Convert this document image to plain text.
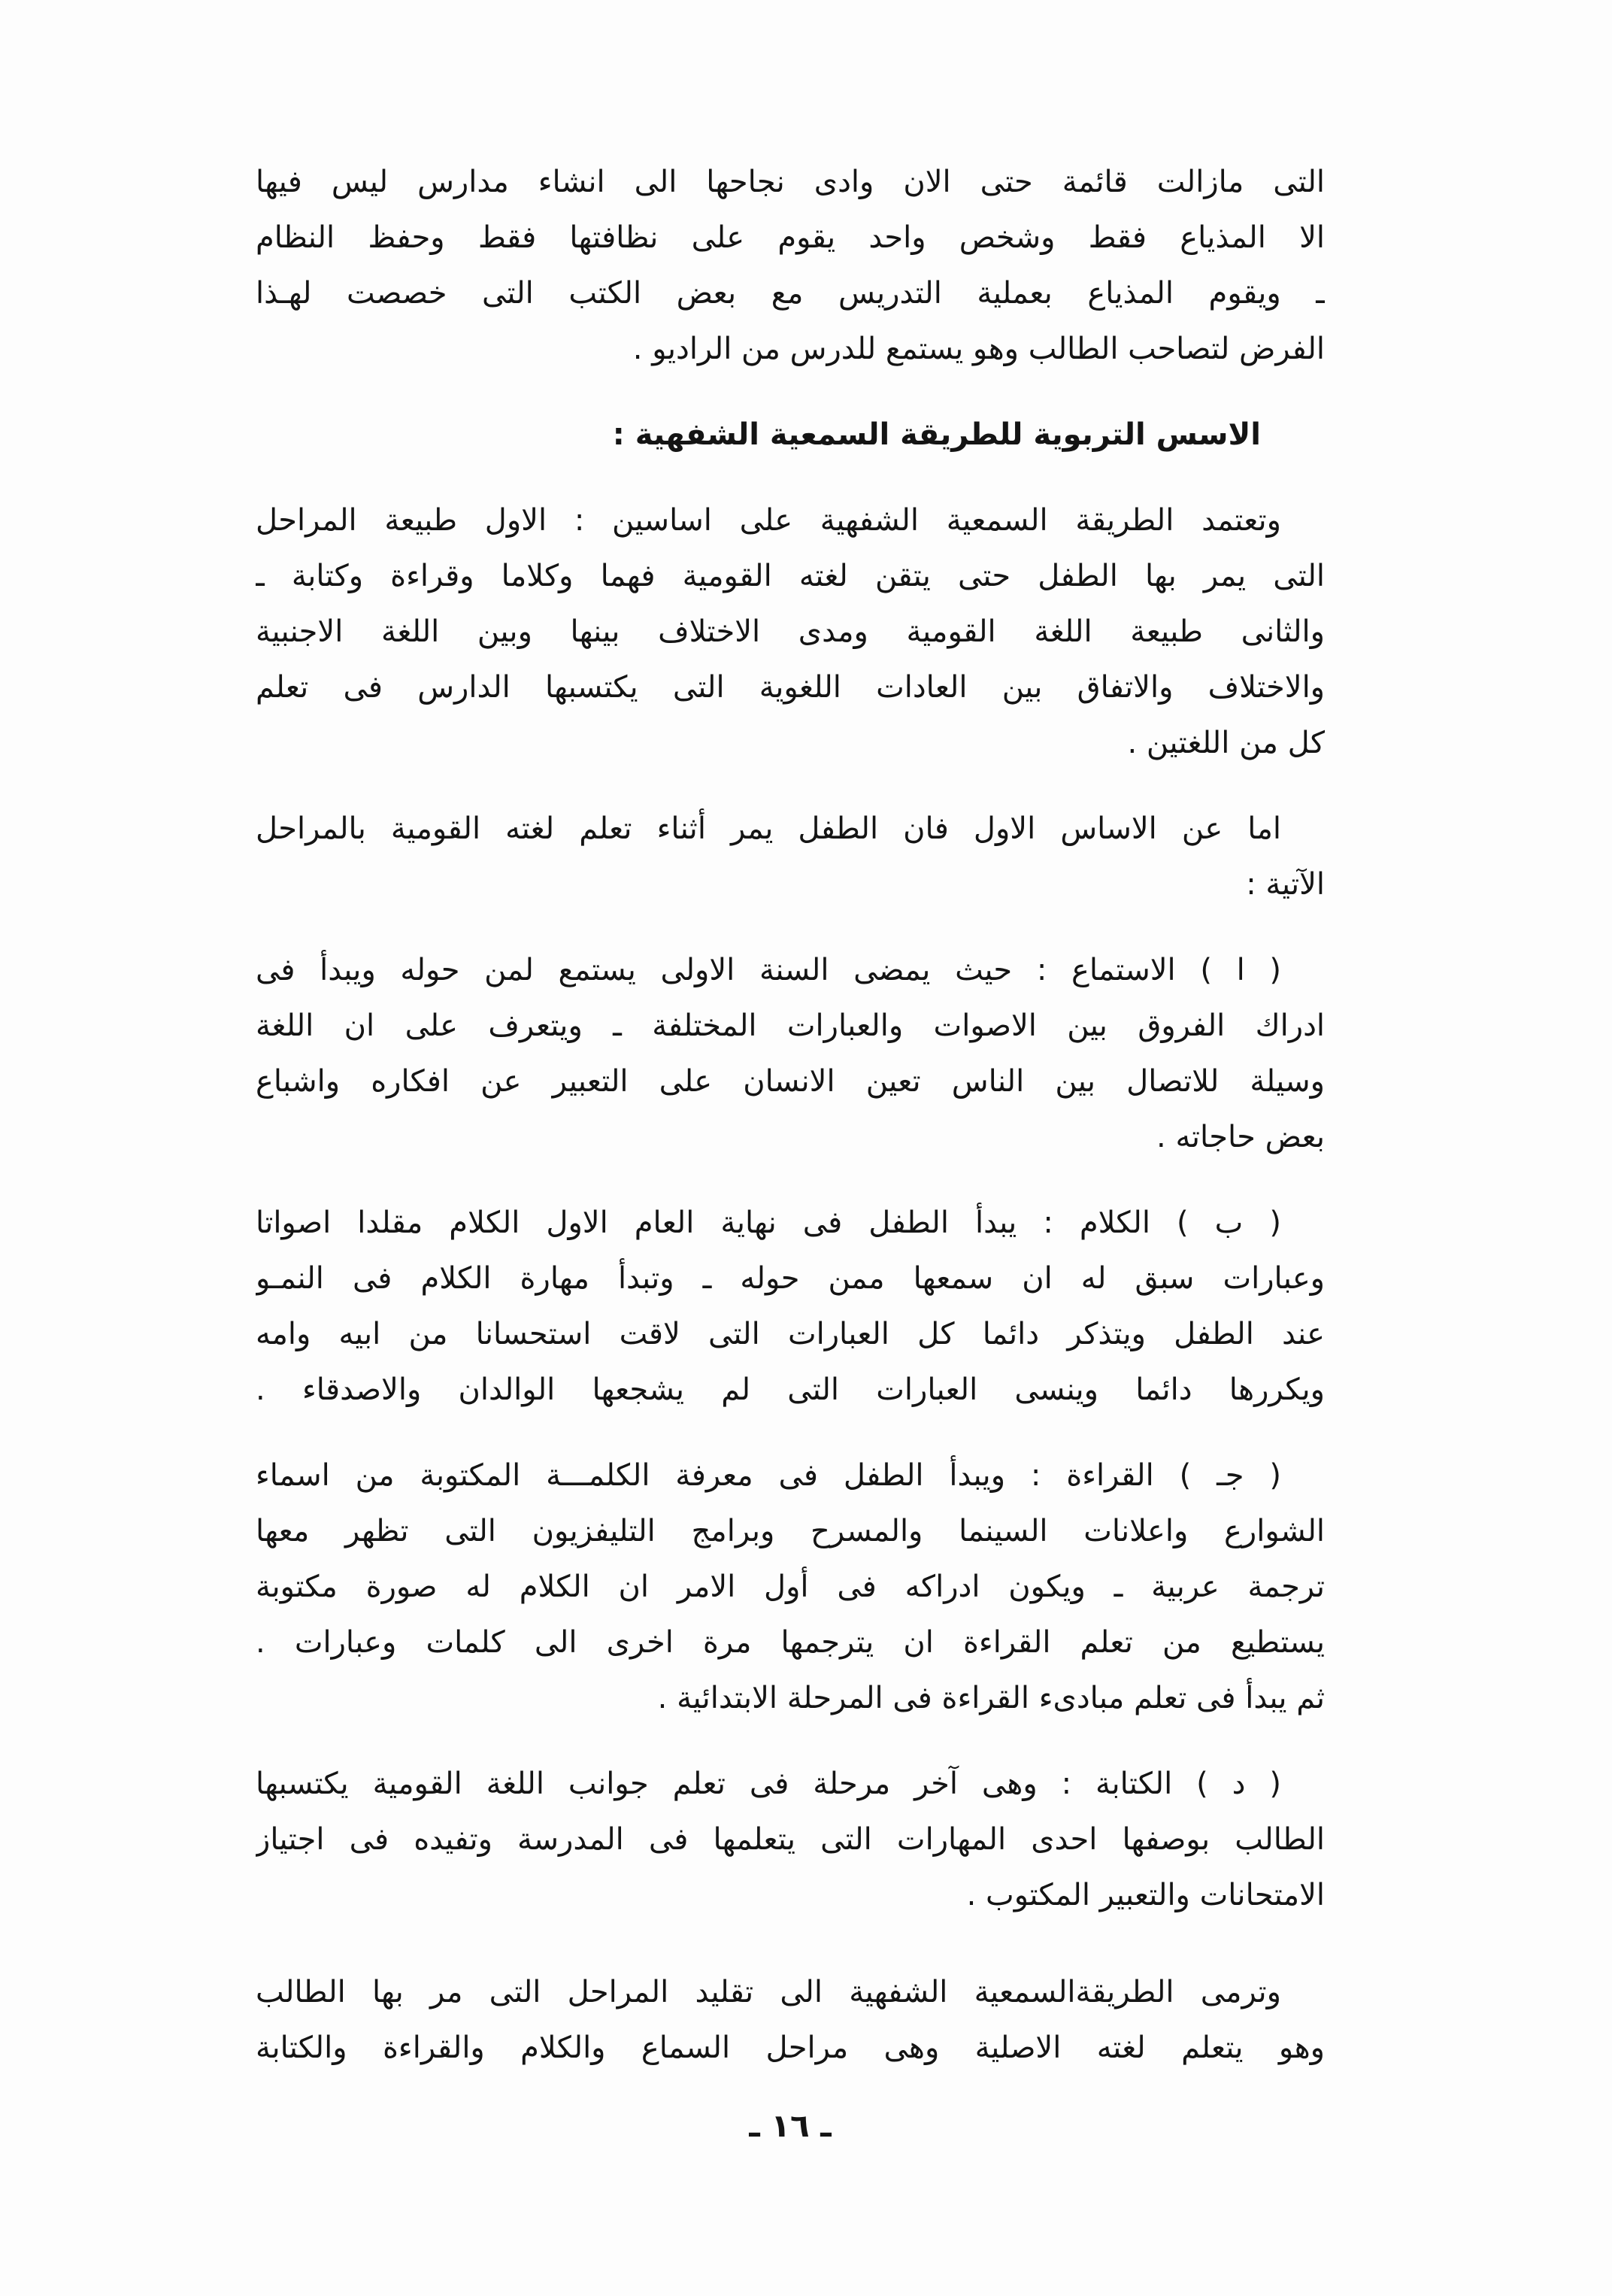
التى مازالت قائمة حتى الان وادى نجاحها الى انشاء مدارس ليس فيها
الا المذياع فقط وشخص واحد يقوم على نظافتها فقط وحفظ النظام
ـ ويقوم المذياع بعملية التدريس مع بعض الكتب التى خصصت لهـذا
الفرض لتصاحب الطالب وهو يستمع للدرس من الراديو .
الاسس التربوية للطريقة السمعية الشفهية :
وتعتمد الطريقة السمعية الشفهية على اساسين : الاول طبيعة المراحل
التى يمر بها الطفل حتى يتقن لغته القومية فهما وكلاما وقراءة وكتابة ـ
والثانى طبيعة اللغة القومية ومدى الاختلاف بينها وبين اللغة الاجنبية
والاختلاف والاتفاق بين العادات اللغوية التى يكتسبها الدارس فى تعلم
كل من اللغتين .
اما عن الاساس الاول فان الطفل يمر أثناء تعلم لغته القومية بالمراحل
الآتية :
( ا ) الاستماع : حيث يمضى السنة الاولى يستمع لمن حوله ويبدأ فى
ادراك الفروق بين الاصوات والعبارات المختلفة ـ ويتعرف على ان اللغة
وسيلة للاتصال بين الناس تعين الانسان على التعبير عن افكاره واشباع
بعض حاجاته .
( ب ) الكلام : يبدأ الطفل فى نهاية العام الاول الكلام مقلدا اصواتا
وعبارات سبق له ان سمعها ممن حوله ـ وتبدأ مهارة الكلام فى النمـو
عند الطفل ويتذكر دائما كل العبارات التى لاقت استحسانا من ابيه وامه
ويكررها دائما وينسى العبارات التى لم يشجعها الوالدان والاصدقاء .
( جـ ) القراءة : ويبدأ الطفل فى معرفة الكلمـــة المكتوبة من اسماء
الشوارع واعلانات السينما والمسرح وبرامج التليفزيون التى تظهر معها
ترجمة عربية ـ ويكون ادراكه فى أول الامر ان الكلام له صورة مكتوبة
يستطيع من تعلم القراءة ان يترجمها مرة اخرى الى كلمات وعبارات .
ثم يبدأ فى تعلم مبادىء القراءة فى المرحلة الابتدائية .
( د ) الكتابة : وهى آخر مرحلة فى تعلم جوانب اللغة القومية يكتسبها
الطالب بوصفها احدى المهارات التى يتعلمها فى المدرسة وتفيده فى اجتياز
الامتحانات والتعبير المكتوب .
وترمى الطريقةالسمعية الشفهية الى تقليد المراحل التى مر بها الطالب
وهو يتعلم لغته الاصلية وهى مراحل السماع والكلام والقراءة والكتابة
ـ ١٦ ـ
